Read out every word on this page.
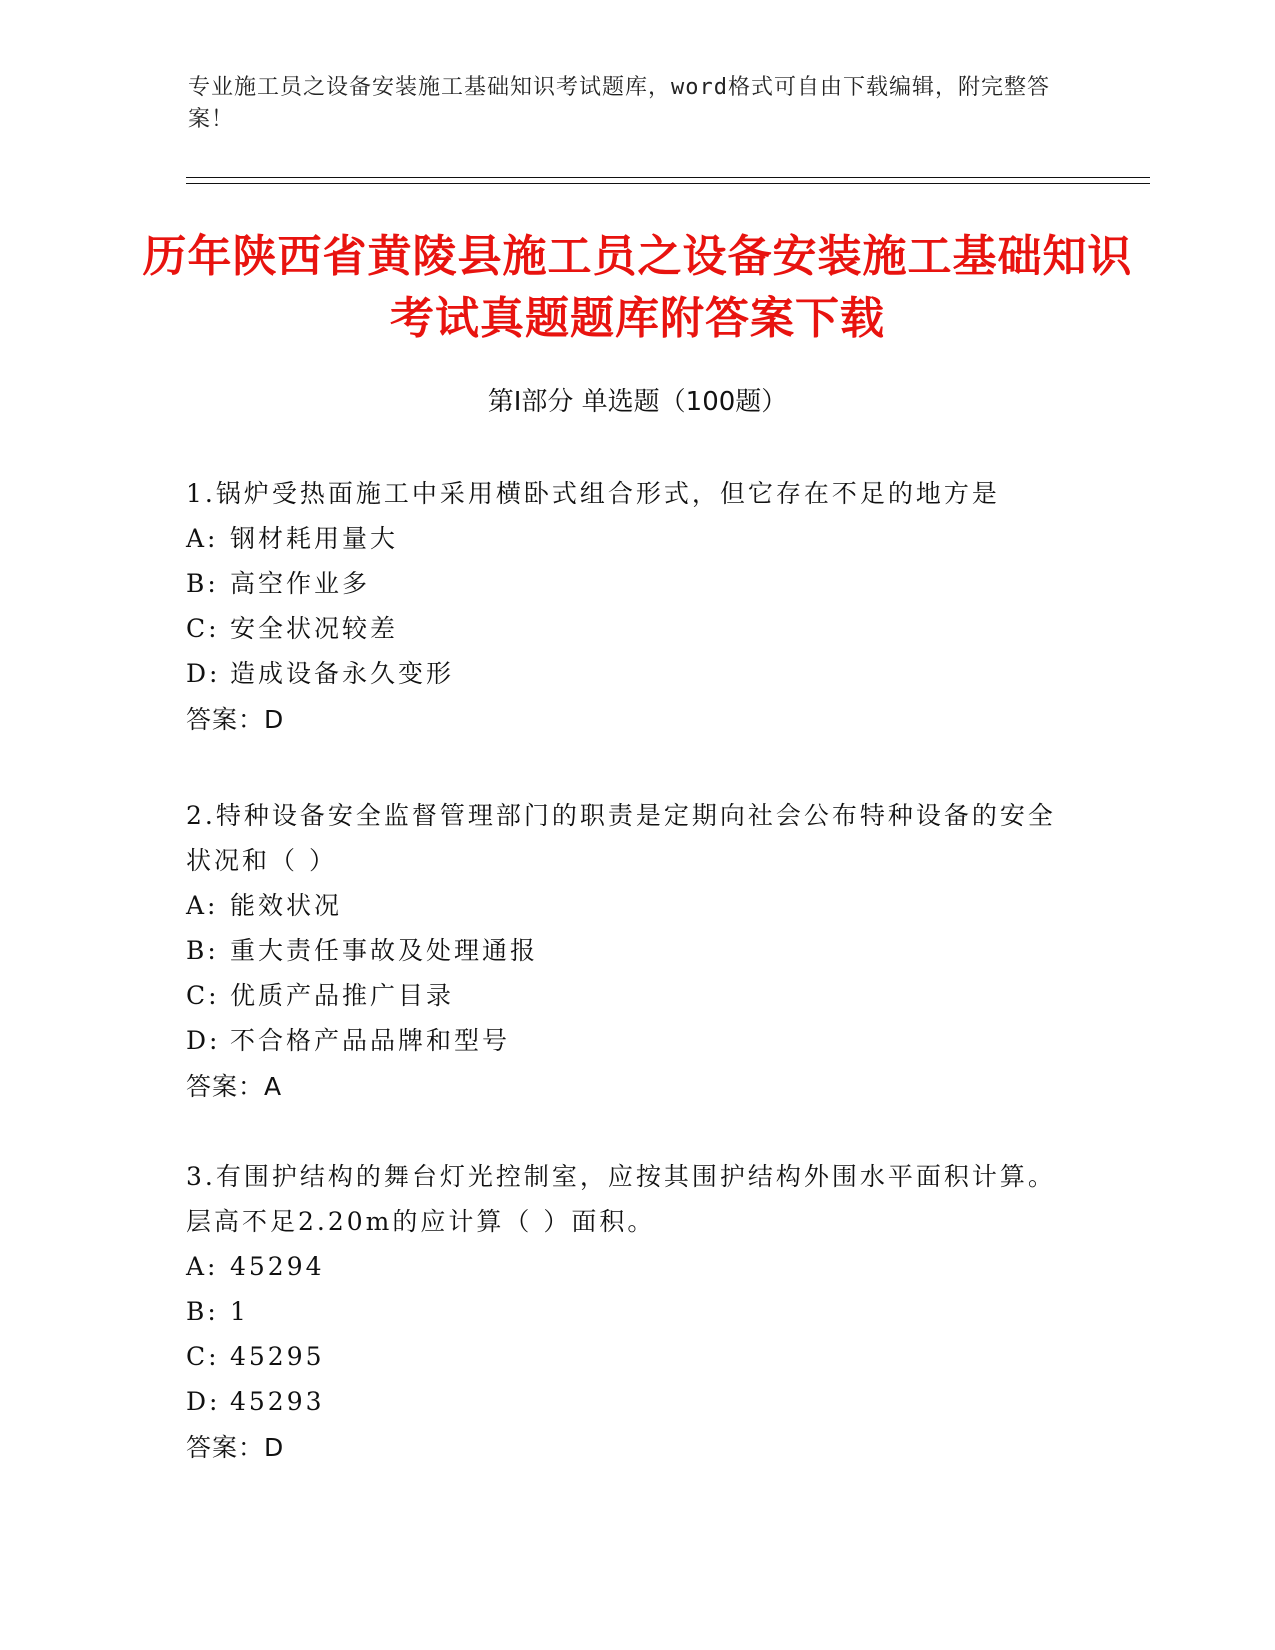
专业施工员之设备安装施工基础知识考试题库，word格式可自由下载编辑，附完整答案！
历年陕西省黄陵县施工员之设备安装施工基础知识考试真题题库附答案下载
第Ⅰ部分 单选题（100题）
1.锅炉受热面施工中采用横卧式组合形式，但它存在不足的地方是
A: 钢材耗用量大
B: 高空作业多
C: 安全状况较差
D: 造成设备永久变形
答案：D
2.特种设备安全监督管理部门的职责是定期向社会公布特种设备的安全状况和（ ）
A: 能效状况
B: 重大责任事故及处理通报
C: 优质产品推广目录
D: 不合格产品品牌和型号
答案：A
3.有围护结构的舞台灯光控制室，应按其围护结构外围水平面积计算。层高不足2.20m的应计算（ ）面积。
A: 45294
B: 1
C: 45295
D: 45293
答案：D
